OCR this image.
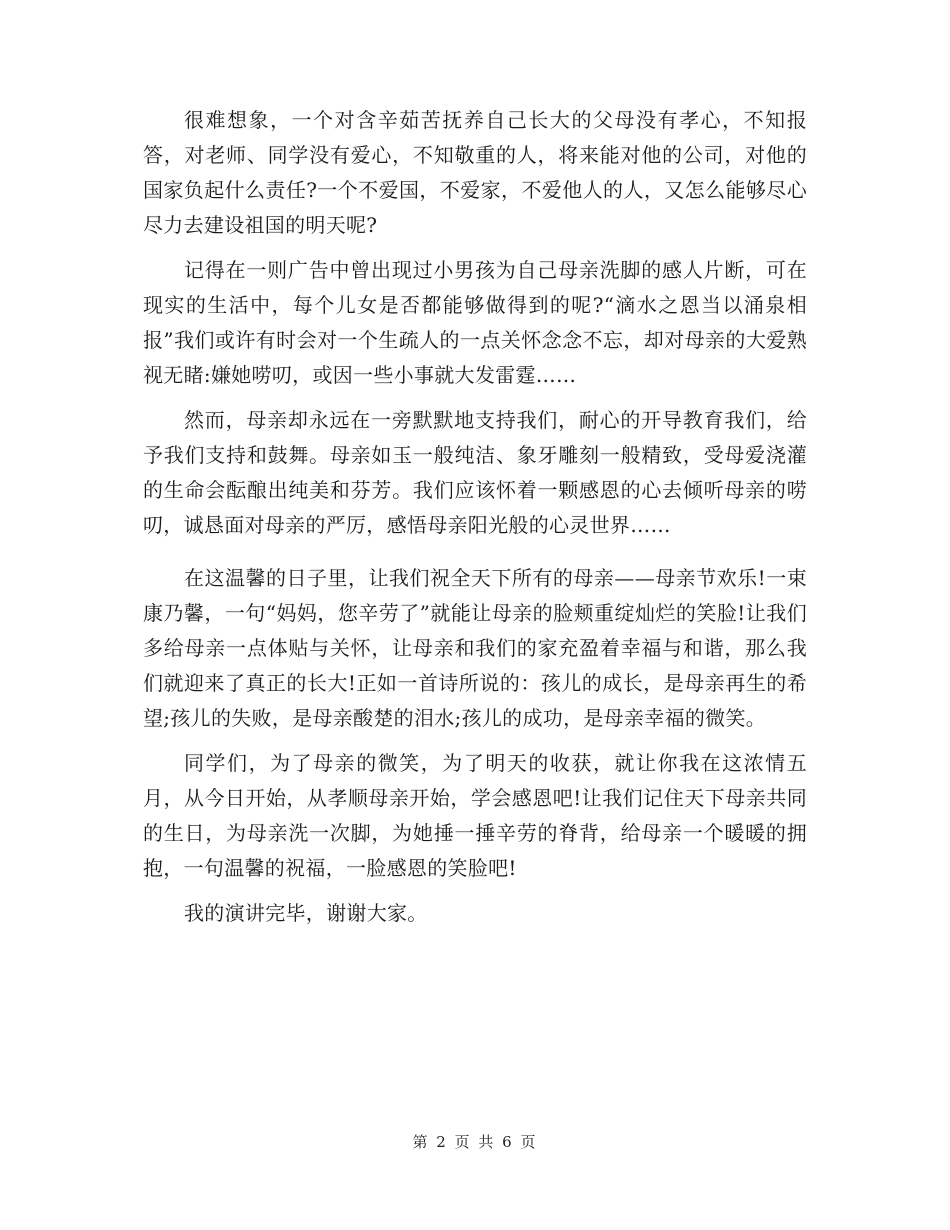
很难想象，一个对含辛茹苦抚养自己长大的父母没有孝心，不知报答，对老师、同学没有爱心，不知敬重的人，将来能对他的公司，对他的国家负起什么责任?一个不爱国，不爱家，不爱他人的人，又怎么能够尽心尽力去建设祖国的明天呢?

记得在一则广告中曾出现过小男孩为自己母亲洗脚的感人片断，可在现实的生活中，每个儿女是否都能够做得到的呢?“滴水之恩当以涌泉相报”我们或许有时会对一个生疏人的一点关怀念念不忘，却对母亲的大爱熟视无睹:嫌她唠叨，或因一些小事就大发雷霆……

然而，母亲却永远在一旁默默地支持我们，耐心的开导教育我们，给予我们支持和鼓舞。母亲如玉一般纯洁、象牙雕刻一般精致，受母爱浇灌的生命会酝酿出纯美和芬芳。我们应该怀着一颗感恩的心去倾听母亲的唠叨，诚恳面对母亲的严厉，感悟母亲阳光般的心灵世界……

在这温馨的日子里，让我们祝全天下所有的母亲——母亲节欢乐!一束康乃馨，一句“妈妈，您辛劳了”就能让母亲的脸颊重绽灿烂的笑脸!让我们多给母亲一点体贴与关怀，让母亲和我们的家充盈着幸福与和谐，那么我们就迎来了真正的长大!正如一首诗所说的：孩儿的成长，是母亲再生的希望;孩儿的失败，是母亲酸楚的泪水;孩儿的成功，是母亲幸福的微笑。

同学们，为了母亲的微笑，为了明天的收获，就让你我在这浓情五月，从今日开始，从孝顺母亲开始，学会感恩吧!让我们记住天下母亲共同的生日，为母亲洗一次脚，为她捶一捶辛劳的脊背，给母亲一个暖暖的拥抱，一句温馨的祝福，一脸感恩的笑脸吧!

我的演讲完毕，谢谢大家。

第 2 页 共 6 页
